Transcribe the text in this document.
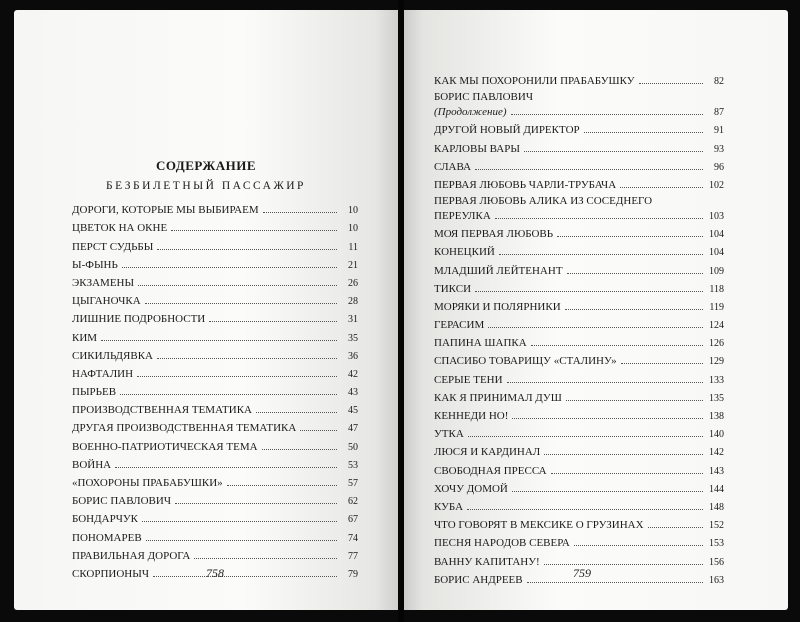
СОДЕРЖАНИЕ
БЕЗБИЛЕТНЫЙ ПАССАЖИР
ДОРОГИ, КОТОРЫЕ МЫ ВЫБИРАЕМ	10
ЦВЕТОК НА ОКНЕ	10
ПЕРСТ СУДЬБЫ	11
Ы-ФЫНЬ	21
ЭКЗАМЕНЫ	26
ЦЫГАНОЧКА	28
ЛИШНИЕ ПОДРОБНОСТИ	31
КИМ	35
СИКИЛЬДЯВКА	36
НАФТАЛИН	42
ПЫРЬЕВ	43
ПРОИЗВОДСТВЕННАЯ ТЕМАТИКА	45
ДРУГАЯ ПРОИЗВОДСТВЕННАЯ ТЕМАТИКА	47
ВОЕННО-ПАТРИОТИЧЕСКАЯ ТЕМА	50
ВОЙНА	53
«ПОХОРОНЫ ПРАБАБУШКИ»	57
БОРИС ПАВЛОВИЧ	62
БОНДАРЧУК	67
ПОНОМАРЕВ	74
ПРАВИЛЬНАЯ ДОРОГА	77
СКОРПИОНЫЧ	79
КАК МЫ ПОХОРОНИЛИ ПРАБАБУШКУ	82
БОРИС ПАВЛОВИЧ
(Продолжение)	87
ДРУГОЙ НОВЫЙ ДИРЕКТОР	91
КАРЛОВЫ ВАРЫ	93
СЛАВА	96
ПЕРВАЯ ЛЮБОВЬ ЧАРЛИ-ТРУБАЧА	102
ПЕРВАЯ ЛЮБОВЬ АЛИКА ИЗ СОСЕДНЕГО
ПЕРЕУЛКА	103
МОЯ ПЕРВАЯ ЛЮБОВЬ	104
КОНЕЦКИЙ	104
МЛАДШИЙ ЛЕЙТЕНАНТ	109
ТИКСИ	118
МОРЯКИ И ПОЛЯРНИКИ	119
ГЕРАСИМ	124
ПАПИНА ШАПКА	126
СПАСИБО ТОВАРИЩУ «СТАЛИНУ»	129
СЕРЫЕ ТЕНИ	133
КАК Я ПРИНИМАЛ ДУШ	135
КЕННЕДИ НО!	138
УТКА	140
ЛЮСЯ И КАРДИНАЛ	142
СВОБОДНАЯ ПРЕССА	143
ХОЧУ ДОМОЙ	144
КУБА	148
ЧТО ГОВОРЯТ В МЕКСИКЕ О ГРУЗИНАХ	152
ПЕСНЯ НАРОДОВ СЕВЕРА	153
ВАННУ КАПИТАНУ!	156
БОРИС АНДРЕЕВ	163
758	759
